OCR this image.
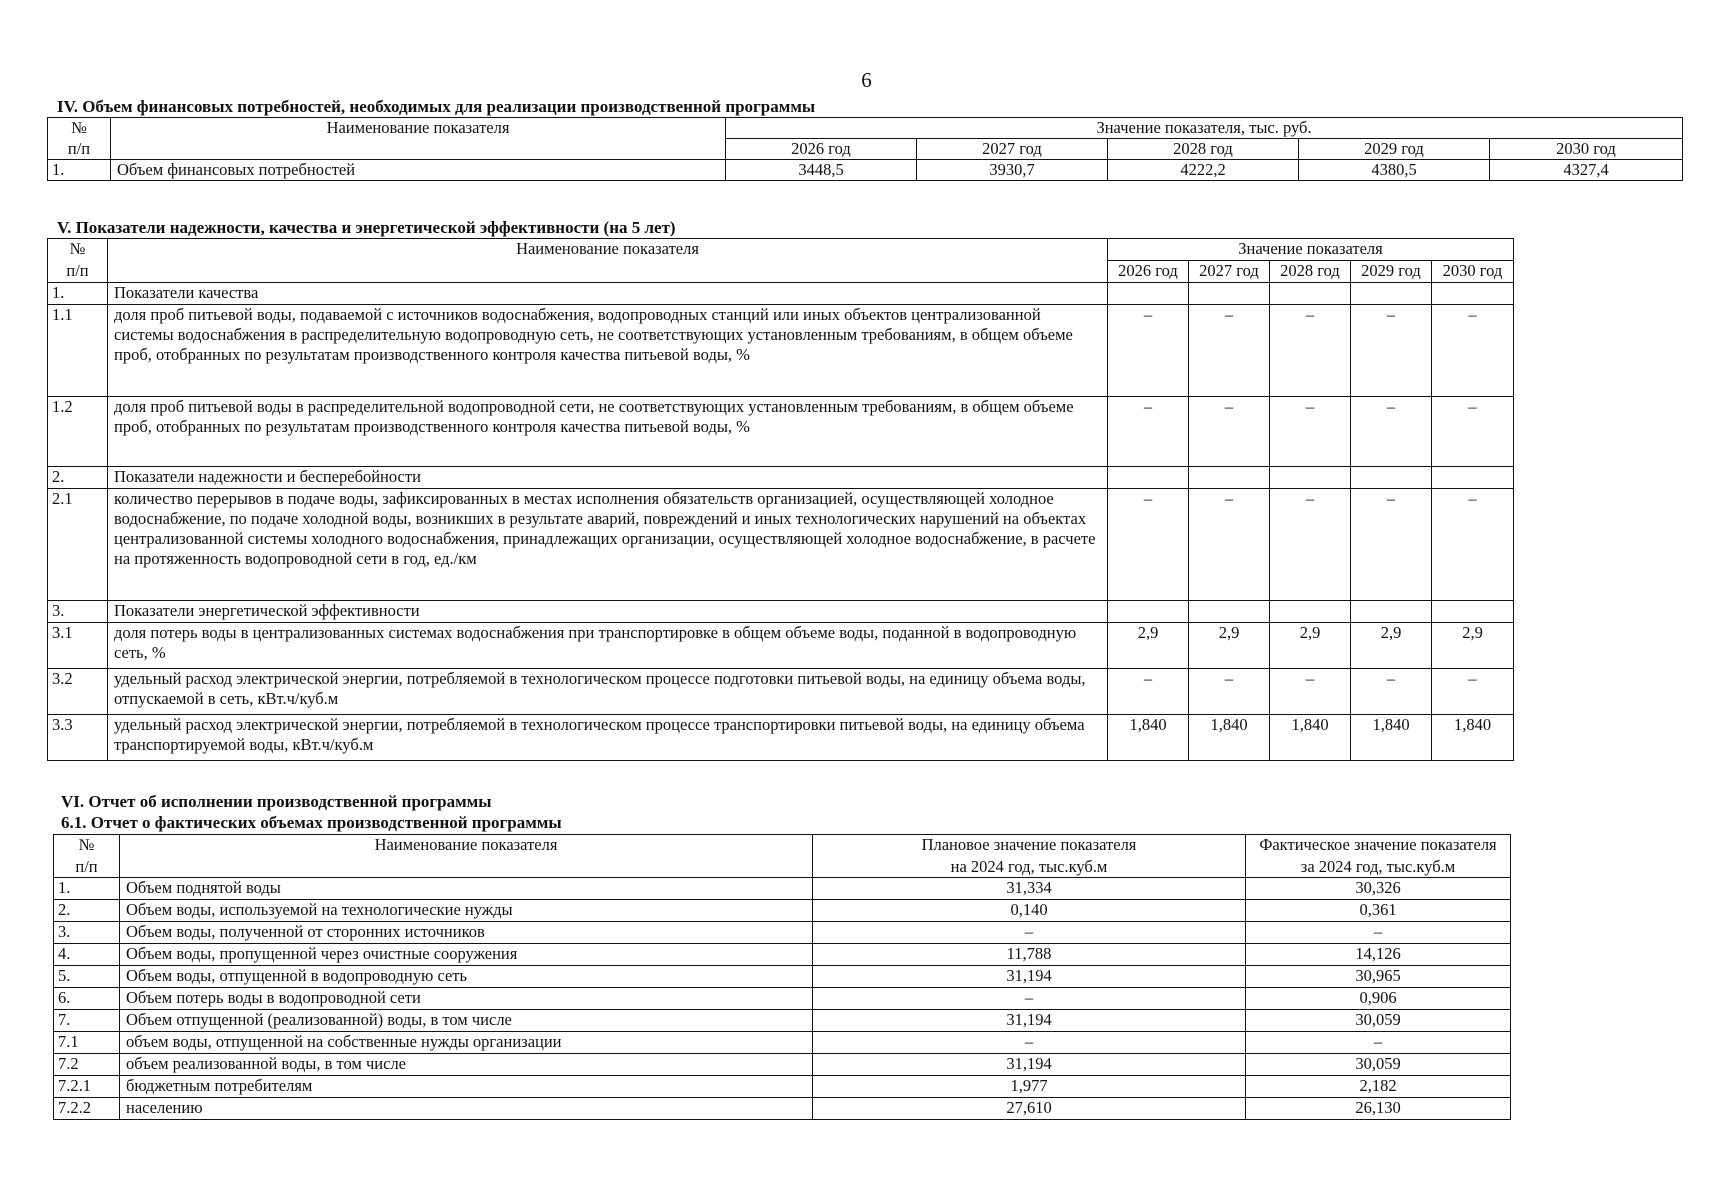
6
IV. Объем финансовых потребностей, необходимых для реализации производственной программы
№	Наименование показателя	Значение показателя, тыс. руб.				
п/п		2026 год	2027 год	2028 год	2029 год	2030 год
1.	Объем финансовых потребностей	3448,5	3930,7	4222,2	4380,5	4327,4
V. Показатели надежности, качества и энергетической эффективности (на 5 лет)
№	Наименование показателя	Значение показателя				
п/п		2026 год	2027 год	2028 год	2029 год	2030 год
1.	Показатели качества					
1.1	доля проб питьевой воды, подаваемой с источников водоснабжения, водопроводных станций или иных объектов централизованной системы водоснабжения в распределительную водопроводную сеть, не соответствующих установленным требованиям, в общем объеме проб, отобранных по результатам производственного контроля качества питьевой воды, %	–	–	–	–	–
1.2	доля проб питьевой воды в распределительной водопроводной сети, не соответствующих установленным требованиям, в общем объеме проб, отобранных по результатам производственного контроля качества питьевой воды, %	–	–	–	–	–
2.	Показатели надежности и бесперебойности					
2.1	количество перерывов в подаче воды, зафиксированных в местах исполнения обязательств организацией, осуществляющей холодное водоснабжение, по подаче холодной воды, возникших в результате аварий, повреждений и иных технологических нарушений на объектах централизованной системы холодного водоснабжения, принадлежащих организации, осуществляющей холодное водоснабжение, в расчете на протяженность водопроводной сети в год, ед./км	–	–	–	–	–
3.	Показатели энергетической эффективности					
3.1	доля потерь воды в централизованных системах водоснабжения при транспортировке в общем объеме воды, поданной в водопроводную сеть, %	2,9	2,9	2,9	2,9	2,9
3.2	удельный расход электрической энергии, потребляемой в технологическом процессе подготовки питьевой воды, на единицу объема воды, отпускаемой в сеть, кВт.ч/куб.м	–	–	–	–	–
3.3	удельный расход электрической энергии, потребляемой в технологическом процессе транспортировки питьевой воды, на единицу объема транспортируемой воды, кВт.ч/куб.м	1,840	1,840	1,840	1,840	1,840
VI. Отчет об исполнении производственной программы
6.1. Отчет о фактических объемах производственной программы
№	Наименование показателя	Плановое значение показателя	Фактическое значение показателя
п/п		на 2024 год, тыс.куб.м	за 2024 год, тыс.куб.м
1.	Объем поднятой воды	31,334	30,326
2.	Объем воды, используемой на технологические нужды	0,140	0,361
3.	Объем воды, полученной от сторонних источников	–	–
4.	Объем воды, пропущенной через очистные сооружения	11,788	14,126
5.	Объем воды, отпущенной в водопроводную сеть	31,194	30,965
6.	Объем потерь воды в водопроводной сети	–	0,906
7.	Объем отпущенной (реализованной) воды, в том числе	31,194	30,059
7.1	объем воды, отпущенной на собственные нужды организации	–	–
7.2	объем реализованной воды, в том числе	31,194	30,059
7.2.1	бюджетным потребителям	1,977	2,182
7.2.2	населению	27,610	26,130
